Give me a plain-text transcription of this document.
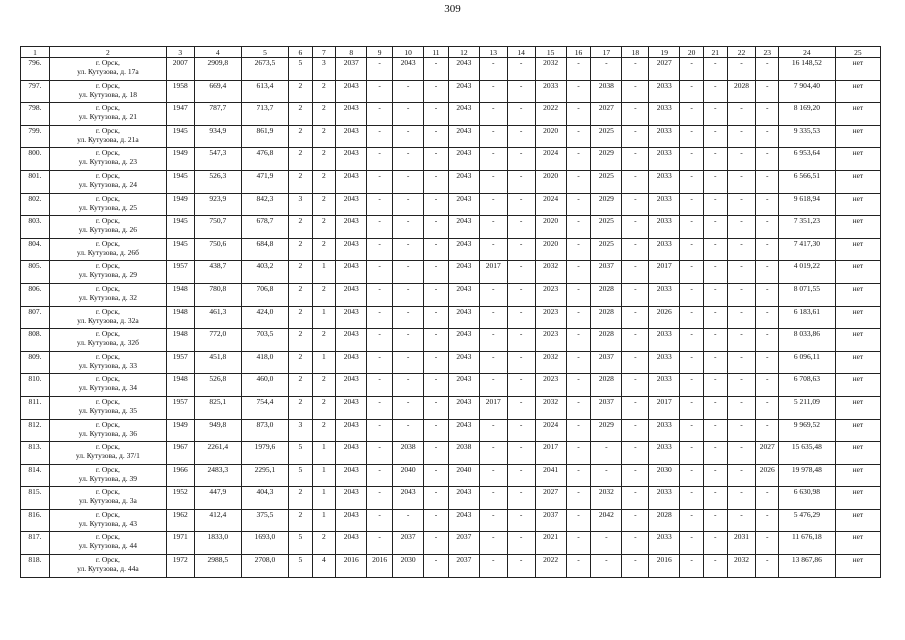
309
1	2	3	4	5	6	7	8	9	10	11	12	13	14	15	16	17	18	19	20	21	22	23	24	25
796.	г. Орск,
ул. Кутузова, д. 17а	2007	2909,8	2673,5	5	3	2037	-	2043	-	2043	-	-	2032	-	-	-	2027	-	-	-	-	16 148,52	нет
797.	г. Орск,
ул. Кутузова, д. 18	1958	669,4	613,4	2	2	2043	-	-	-	2043	-	-	2033	-	2038	-	2033	-	-	2028	-	7 904,40	нет
798.	г. Орск,
ул. Кутузова, д. 21	1947	787,7	713,7	2	2	2043	-	-	-	2043	-	-	2022	-	2027	-	2033	-	-	-	-	8 169,20	нет
799.	г. Орск,
ул. Кутузова, д. 21а	1945	934,9	861,9	2	2	2043	-	-	-	2043	-	-	2020	-	2025	-	2033	-	-	-	-	9 335,53	нет
800.	г. Орск,
ул. Кутузова, д. 23	1949	547,3	476,8	2	2	2043	-	-	-	2043	-	-	2024	-	2029	-	2033	-	-	-	-	6 953,64	нет
801.	г. Орск,
ул. Кутузова, д. 24	1945	526,3	471,9	2	2	2043	-	-	-	2043	-	-	2020	-	2025	-	2033	-	-	-	-	6 566,51	нет
802.	г. Орск,
ул. Кутузова, д. 25	1949	923,9	842,3	3	2	2043	-	-	-	2043	-	-	2024	-	2029	-	2033	-	-	-	-	9 618,94	нет
803.	г. Орск,
ул. Кутузова, д. 26	1945	750,7	678,7	2	2	2043	-	-	-	2043	-	-	2020	-	2025	-	2033	-	-	-	-	7 351,23	нет
804.	г. Орск,
ул. Кутузова, д. 26б	1945	750,6	684,8	2	2	2043	-	-	-	2043	-	-	2020	-	2025	-	2033	-	-	-	-	7 417,30	нет
805.	г. Орск,
ул. Кутузова, д. 29	1957	438,7	403,2	2	1	2043	-	-	-	2043	2017	-	2032	-	2037	-	2017	-	-	-	-	4 019,22	нет
806.	г. Орск,
ул. Кутузова, д. 32	1948	780,8	706,8	2	2	2043	-	-	-	2043	-	-	2023	-	2028	-	2033	-	-	-	-	8 071,55	нет
807.	г. Орск,
ул. Кутузова, д. 32а	1948	461,3	424,0	2	1	2043	-	-	-	2043	-	-	2023	-	2028	-	2026	-	-	-	-	6 183,61	нет
808.	г. Орск,
ул. Кутузова, д. 32б	1948	772,0	703,5	2	2	2043	-	-	-	2043	-	-	2023	-	2028	-	2033	-	-	-	-	8 033,86	нет
809.	г. Орск,
ул. Кутузова, д. 33	1957	451,8	418,0	2	1	2043	-	-	-	2043	-	-	2032	-	2037	-	2033	-	-	-	-	6 096,11	нет
810.	г. Орск,
ул. Кутузова, д. 34	1948	526,8	460,0	2	2	2043	-	-	-	2043	-	-	2023	-	2028	-	2033	-	-	-	-	6 708,63	нет
811.	г. Орск,
ул. Кутузова, д. 35	1957	825,1	754,4	2	2	2043	-	-	-	2043	2017	-	2032	-	2037	-	2017	-	-	-	-	5 211,09	нет
812.	г. Орск,
ул. Кутузова, д. 36	1949	949,8	873,0	3	2	2043	-	-	-	2043	-	-	2024	-	2029	-	2033	-	-	-	-	9 969,52	нет
813.	г. Орск,
ул. Кутузова, д. 37/1	1967	2261,4	1979,6	5	1	2043	-	2038	-	2038	-	-	2017	-	-	-	2033	-	-	-	2027	15 635,48	нет
814.	г. Орск,
ул. Кутузова, д. 39	1966	2483,3	2295,1	5	1	2043	-	2040	-	2040	-	-	2041	-	-	-	2030	-	-	-	2026	19 978,48	нет
815.	г. Орск,
ул. Кутузова, д. 3а	1952	447,9	404,3	2	1	2043	-	2043	-	2043	-	-	2027	-	2032	-	2033	-	-	-	-	6 630,98	нет
816.	г. Орск,
ул. Кутузова, д. 43	1962	412,4	375,5	2	1	2043	-	-	-	2043	-	-	2037	-	2042	-	2028	-	-	-	-	5 476,29	нет
817.	г. Орск,
ул. Кутузова, д. 44	1971	1833,0	1693,0	5	2	2043	-	2037	-	2037	-	-	2021	-	-	-	2033	-	-	2031	-	11 676,18	нет
818.	г. Орск,
ул. Кутузова, д. 44а	1972	2988,5	2708,0	5	4	2016	2016	2030	-	2037	-	-	2022	-	-	-	2016	-	-	2032	-	13 867,86	нет
